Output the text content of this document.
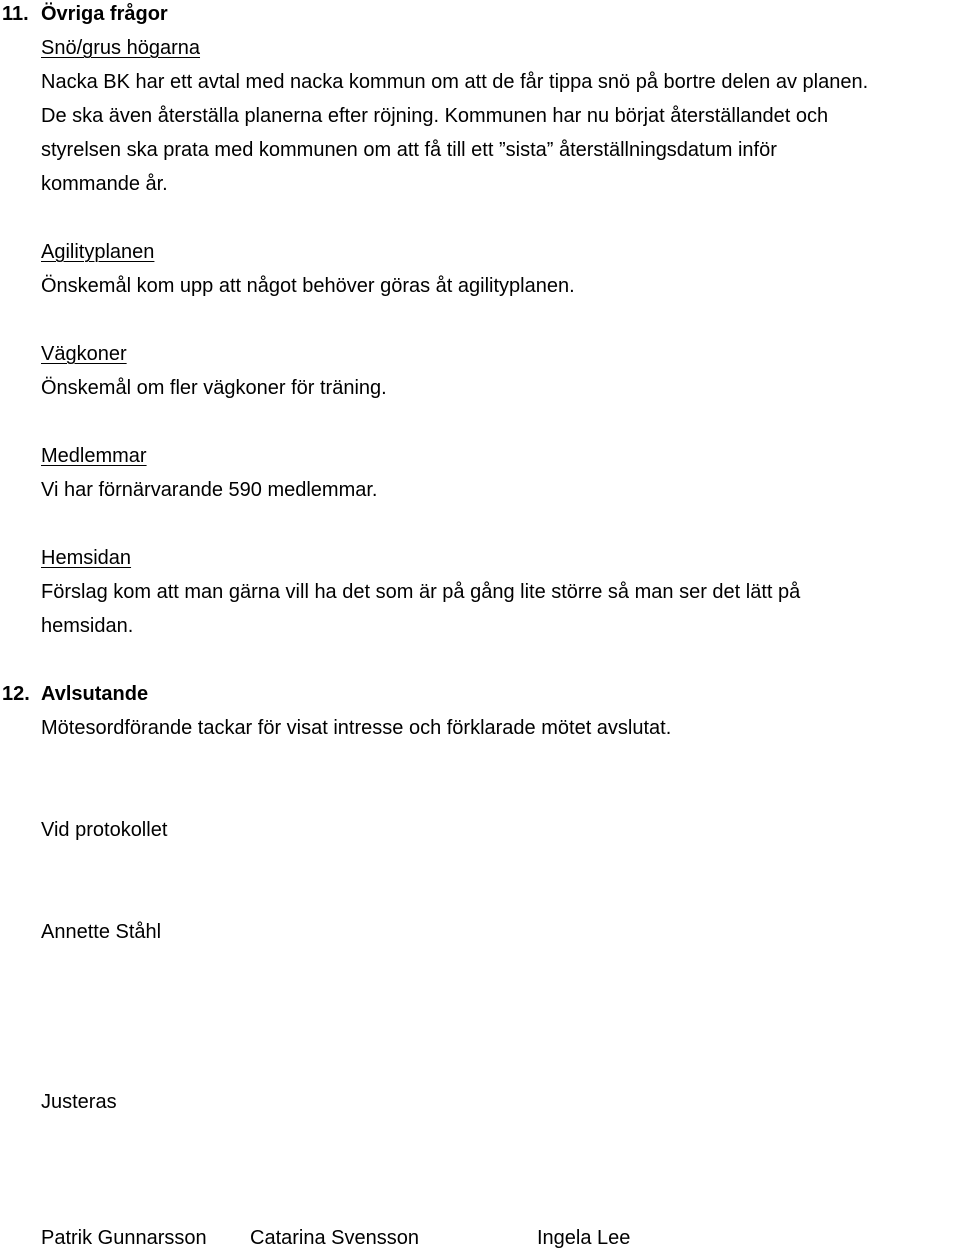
11. Övriga frågor
Snö/grus högarna
Nacka BK har ett avtal med nacka kommun om att de får tippa snö på bortre delen av planen.
De ska även återställa planerna efter röjning. Kommunen har nu börjat återställandet och
styrelsen ska prata med kommunen om att få till ett ”sista” återställningsdatum inför
kommande år.
Agilityplanen
Önskemål kom upp att något behöver göras åt agilityplanen.
Vägkoner
Önskemål om fler vägkoner för träning.
Medlemmar
Vi har förnärvarande 590 medlemmar.
Hemsidan
Förslag kom att man gärna vill ha det som är på gång lite större så man ser det lätt på
hemsidan.
12. Avlsutande
Mötesordförande tackar för visat intresse och förklarade mötet avslutat.
Vid protokollet
Annette Ståhl
Justeras
Patrik Gunnarsson Catarina Svensson	Ingela Lee
